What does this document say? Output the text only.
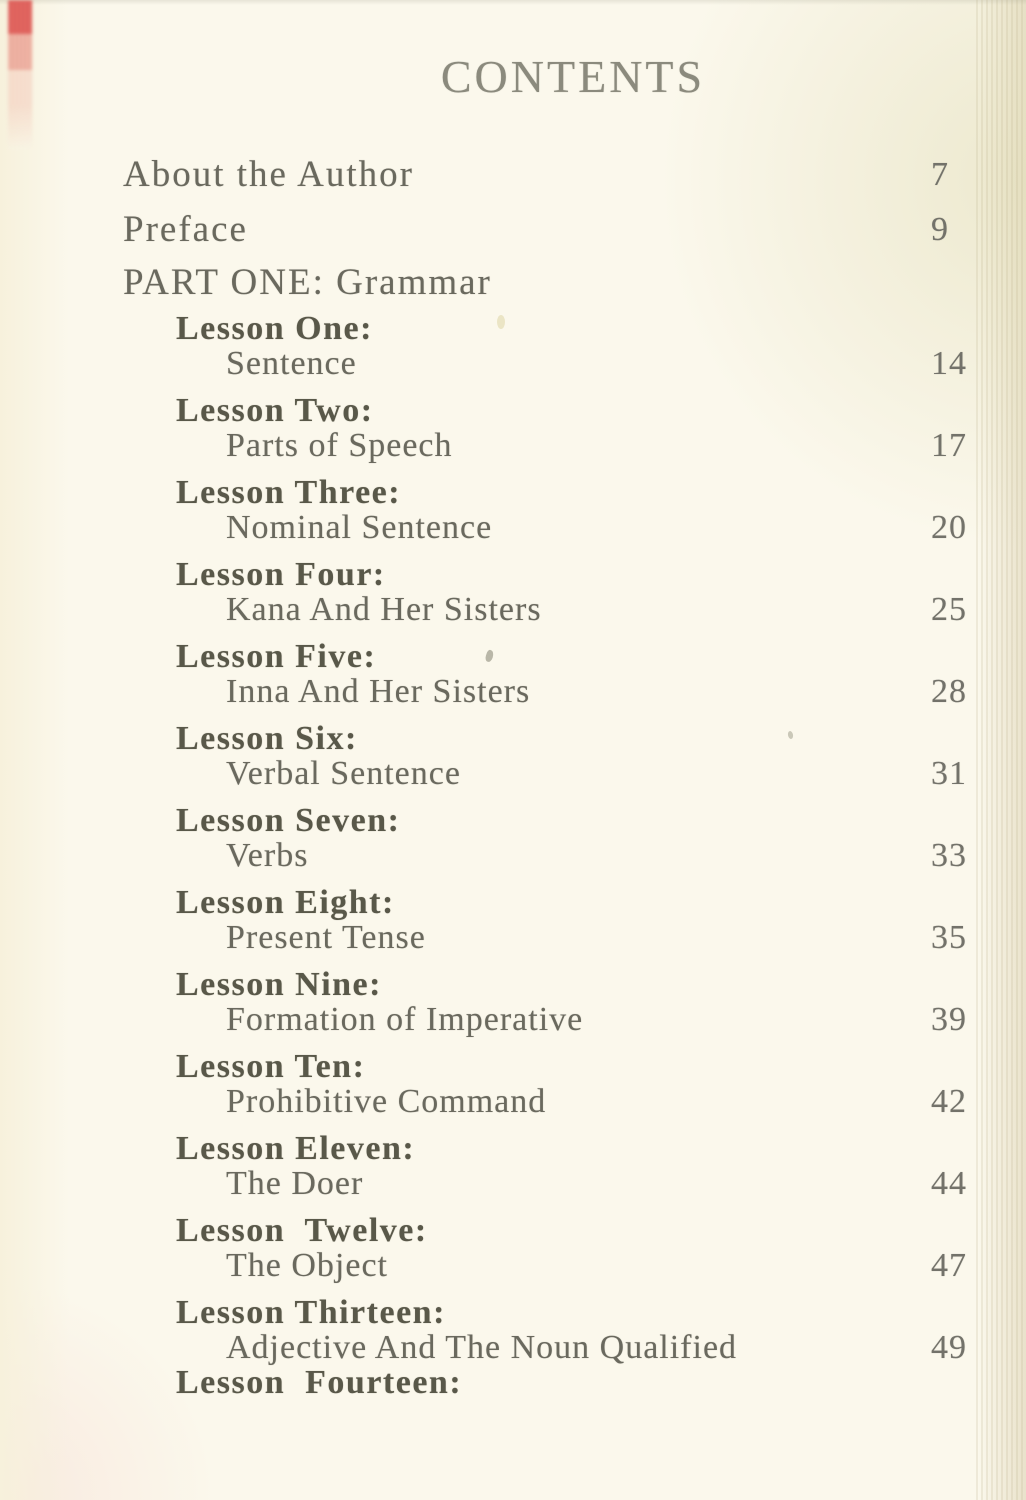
CONTENTS
About the Author	7
Preface	9
PART ONE: Grammar
Lesson One:
Sentence	14
Lesson Two:
Parts of Speech	17
Lesson Three:
Nominal Sentence	20
Lesson Four:
Kana And Her Sisters	25
Lesson Five:
Inna And Her Sisters	28
Lesson Six:
Verbal Sentence	31
Lesson Seven:
Verbs	33
Lesson Eight:
Present Tense	35
Lesson Nine:
Formation of Imperative	39
Lesson Ten:
Prohibitive Command	42
Lesson Eleven:
The Doer	44
Lesson  Twelve:
The Object	47
Lesson Thirteen:
Adjective And The Noun Qualified	49
Lesson  Fourteen:
